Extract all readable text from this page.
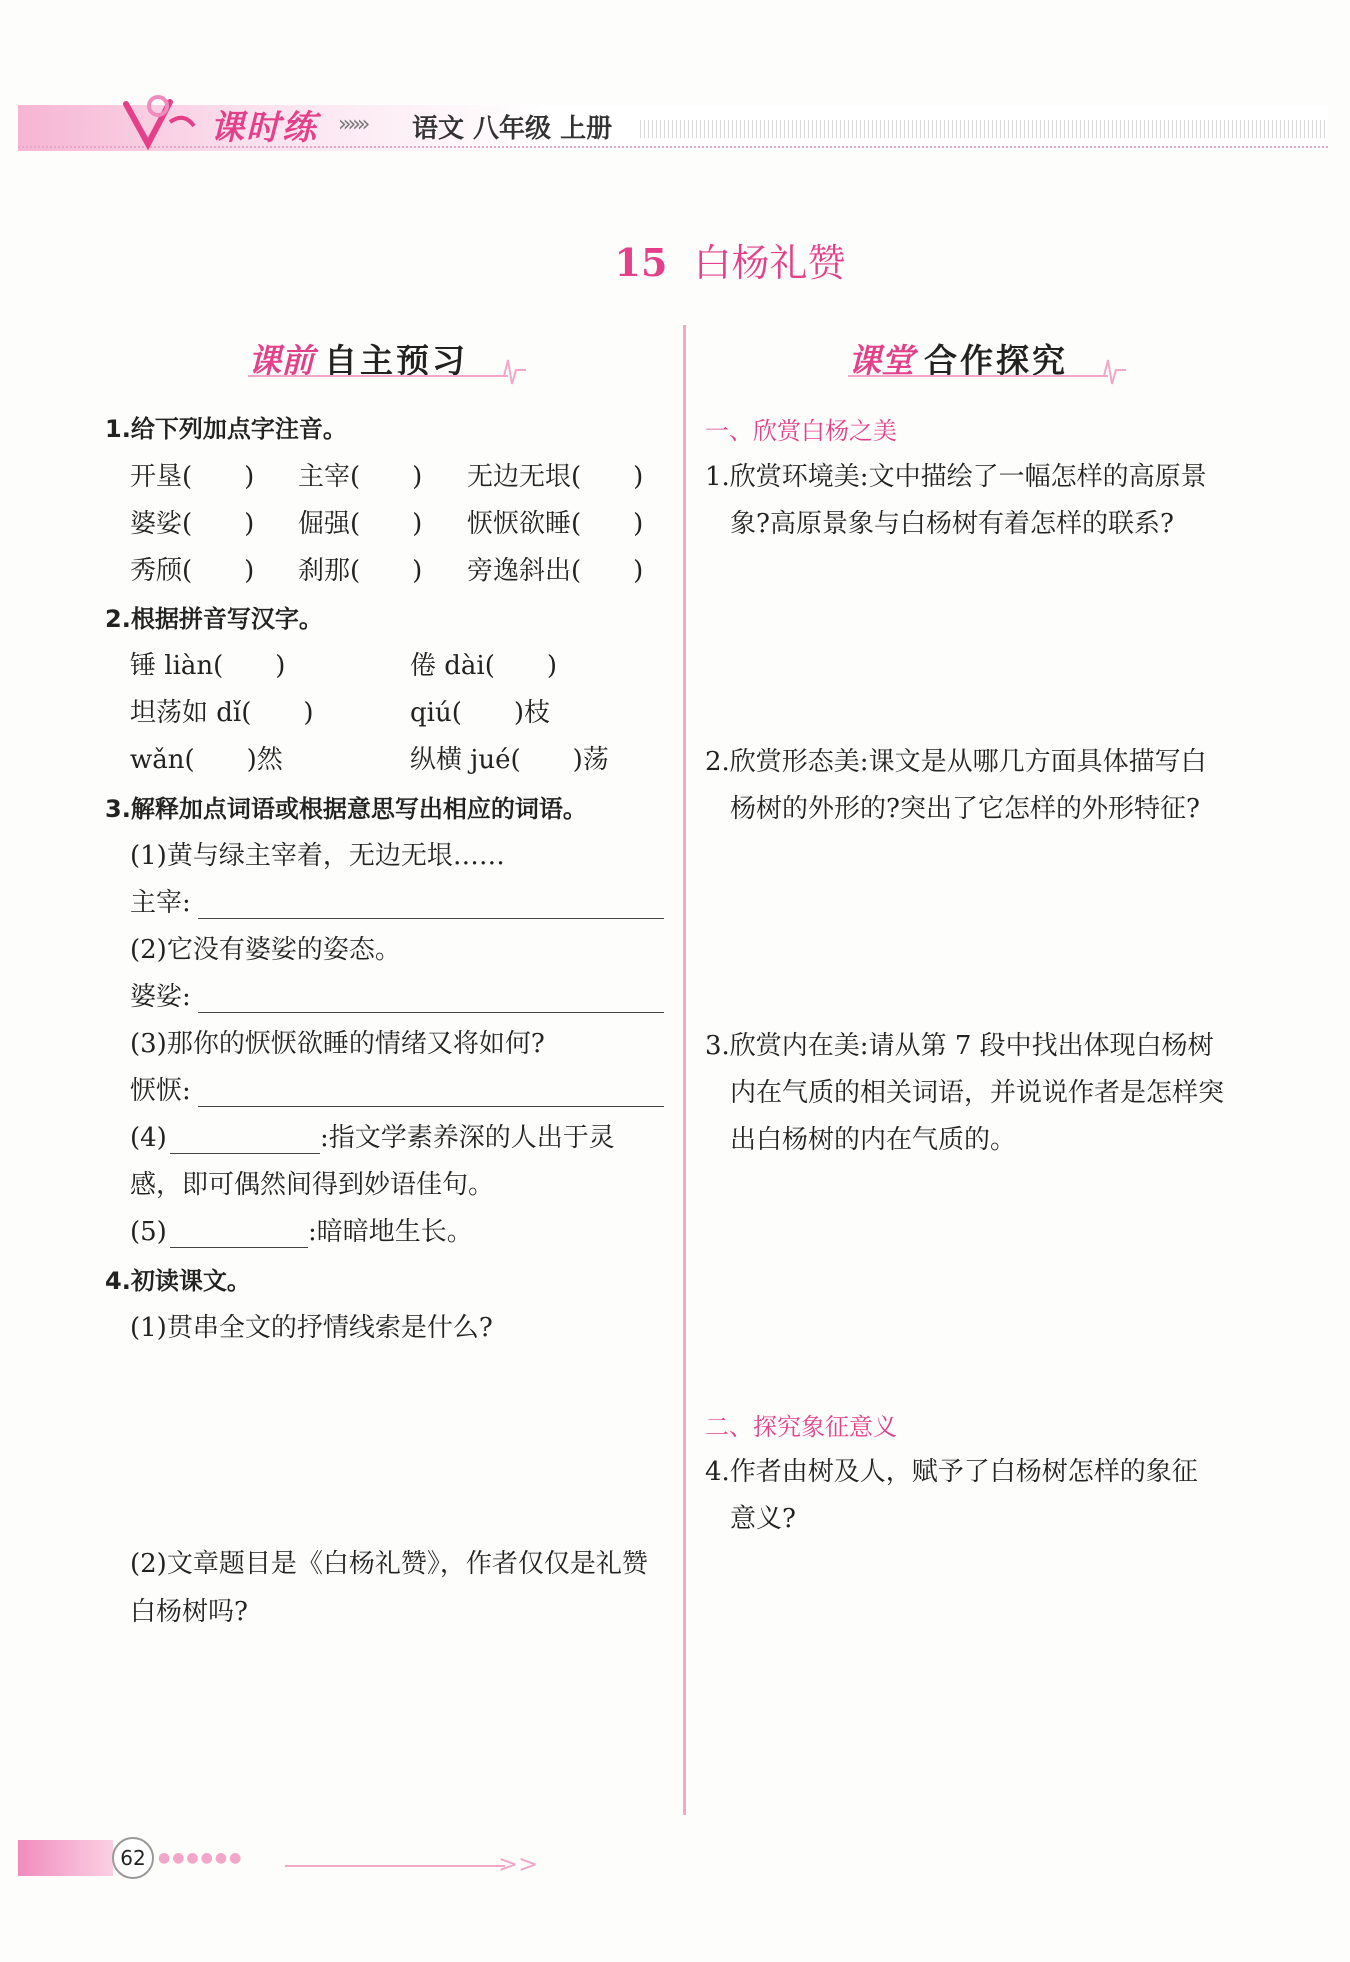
课时练 »»» 语文 八年级 上册
15 白杨礼赞
课前 自主预习	课堂 合作探究
1.给下列加点字注音。
开垦(　　) 主宰(　　) 无边无垠(　　)
婆娑(　　) 倔强(　　) 恹恹欲睡(　　)
秀颀(　　) 刹那(　　) 旁逸斜出(　　)
2.根据拼音写汉字。
锤 liàn(　　)	倦 dài(　　)
坦荡如 dǐ(　　)	qiú(　　)枝
wǎn(　　)然	纵横 jué(　　)荡
3.解释加点词语或根据意思写出相应的词语。
(1)黄与绿主宰着，无边无垠……
主宰:
(2)它没有婆娑的姿态。
婆娑:
(3)那你的恹恹欲睡的情绪又将如何?
恹恹:
(4)	:指文学素养深的人出于灵
感，即可偶然间得到妙语佳句。
(5)	:暗暗地生长。
4.初读课文。
(1)贯串全文的抒情线索是什么?
(2)文章题目是《白杨礼赞》，作者仅仅是礼赞
白杨树吗?
一、欣赏白杨之美
1.欣赏环境美:文中描绘了一幅怎样的高原景
象?高原景象与白杨树有着怎样的联系?
2.欣赏形态美:课文是从哪几方面具体描写白
杨树的外形的?突出了它怎样的外形特征?
3.欣赏内在美:请从第 7 段中找出体现白杨树
内在气质的相关词语，并说说作者是怎样突
出白杨树的内在气质的。
二、探究象征意义
4.作者由树及人，赋予了白杨树怎样的象征
意义?
62 ●●●●●●	>>
